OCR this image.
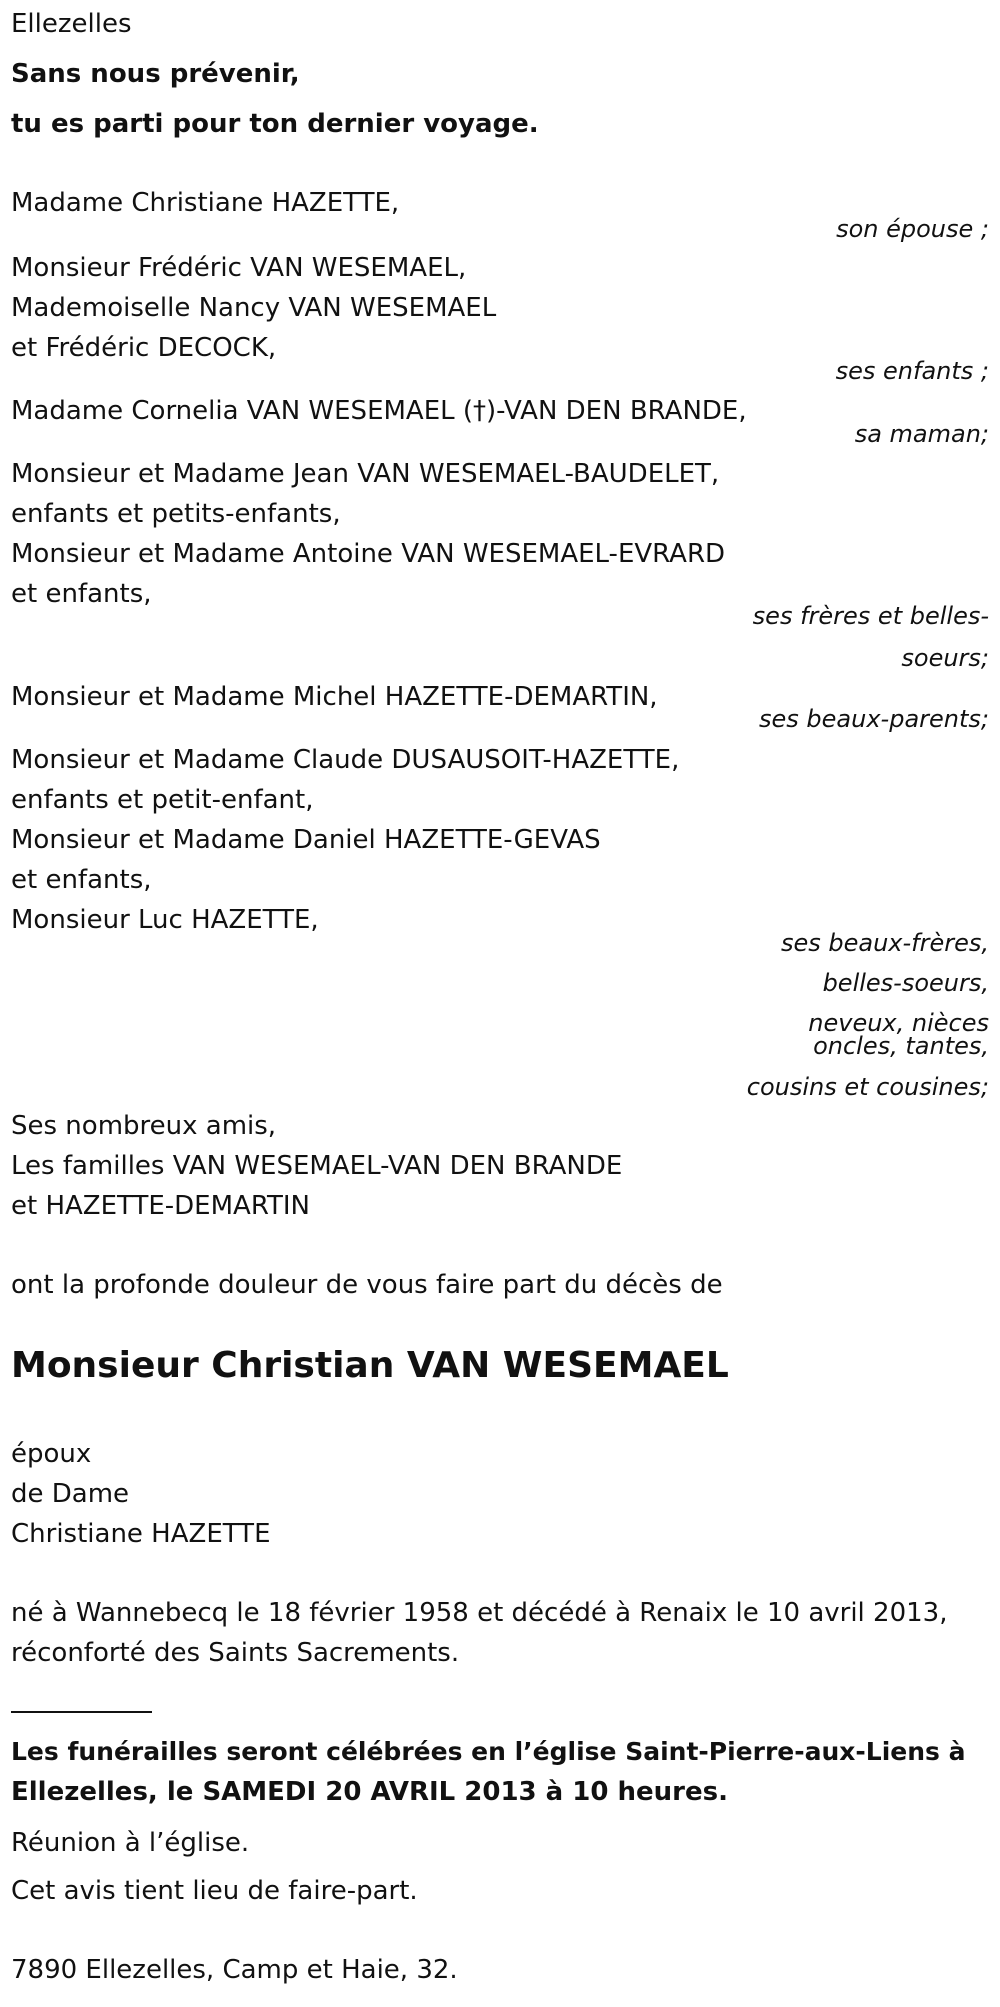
Ellezelles
Sans nous prévenir,
tu es parti pour ton dernier voyage.
Madame Christiane HAZETTE,
son épouse ;
Monsieur Frédéric VAN WESEMAEL,
Mademoiselle Nancy VAN WESEMAEL
et Frédéric DECOCK,
ses enfants ;
Madame Cornelia VAN WESEMAEL (†)-VAN DEN BRANDE,
sa maman;
Monsieur et Madame Jean VAN WESEMAEL-BAUDELET,
enfants et petits-enfants,
Monsieur et Madame Antoine VAN WESEMAEL-EVRARD
et enfants,
ses frères et belles-
soeurs;
Monsieur et Madame Michel HAZETTE-DEMARTIN,
ses beaux-parents;
Monsieur et Madame Claude DUSAUSOIT-HAZETTE,
enfants et petit-enfant,
Monsieur et Madame Daniel HAZETTE-GEVAS
et enfants,
Monsieur Luc HAZETTE,
ses beaux-frères,
belles-soeurs,
neveux, nièces
oncles, tantes,
cousins et cousines;
Ses nombreux amis,
Les familles VAN WESEMAEL-VAN DEN BRANDE
et HAZETTE-DEMARTIN
ont la profonde douleur de vous faire part du décès de
Monsieur Christian VAN WESEMAEL
époux
de Dame
Christiane HAZETTE
né à Wannebecq le 18 février 1958 et décédé à Renaix le 10 avril 2013,
réconforté des Saints Sacrements.
Les funérailles seront célébrées en l’église Saint-Pierre-aux-Liens à
Ellezelles, le SAMEDI 20 AVRIL 2013 à 10 heures.
Réunion à l’église.
Cet avis tient lieu de faire-part.
7890 Ellezelles, Camp et Haie, 32.
